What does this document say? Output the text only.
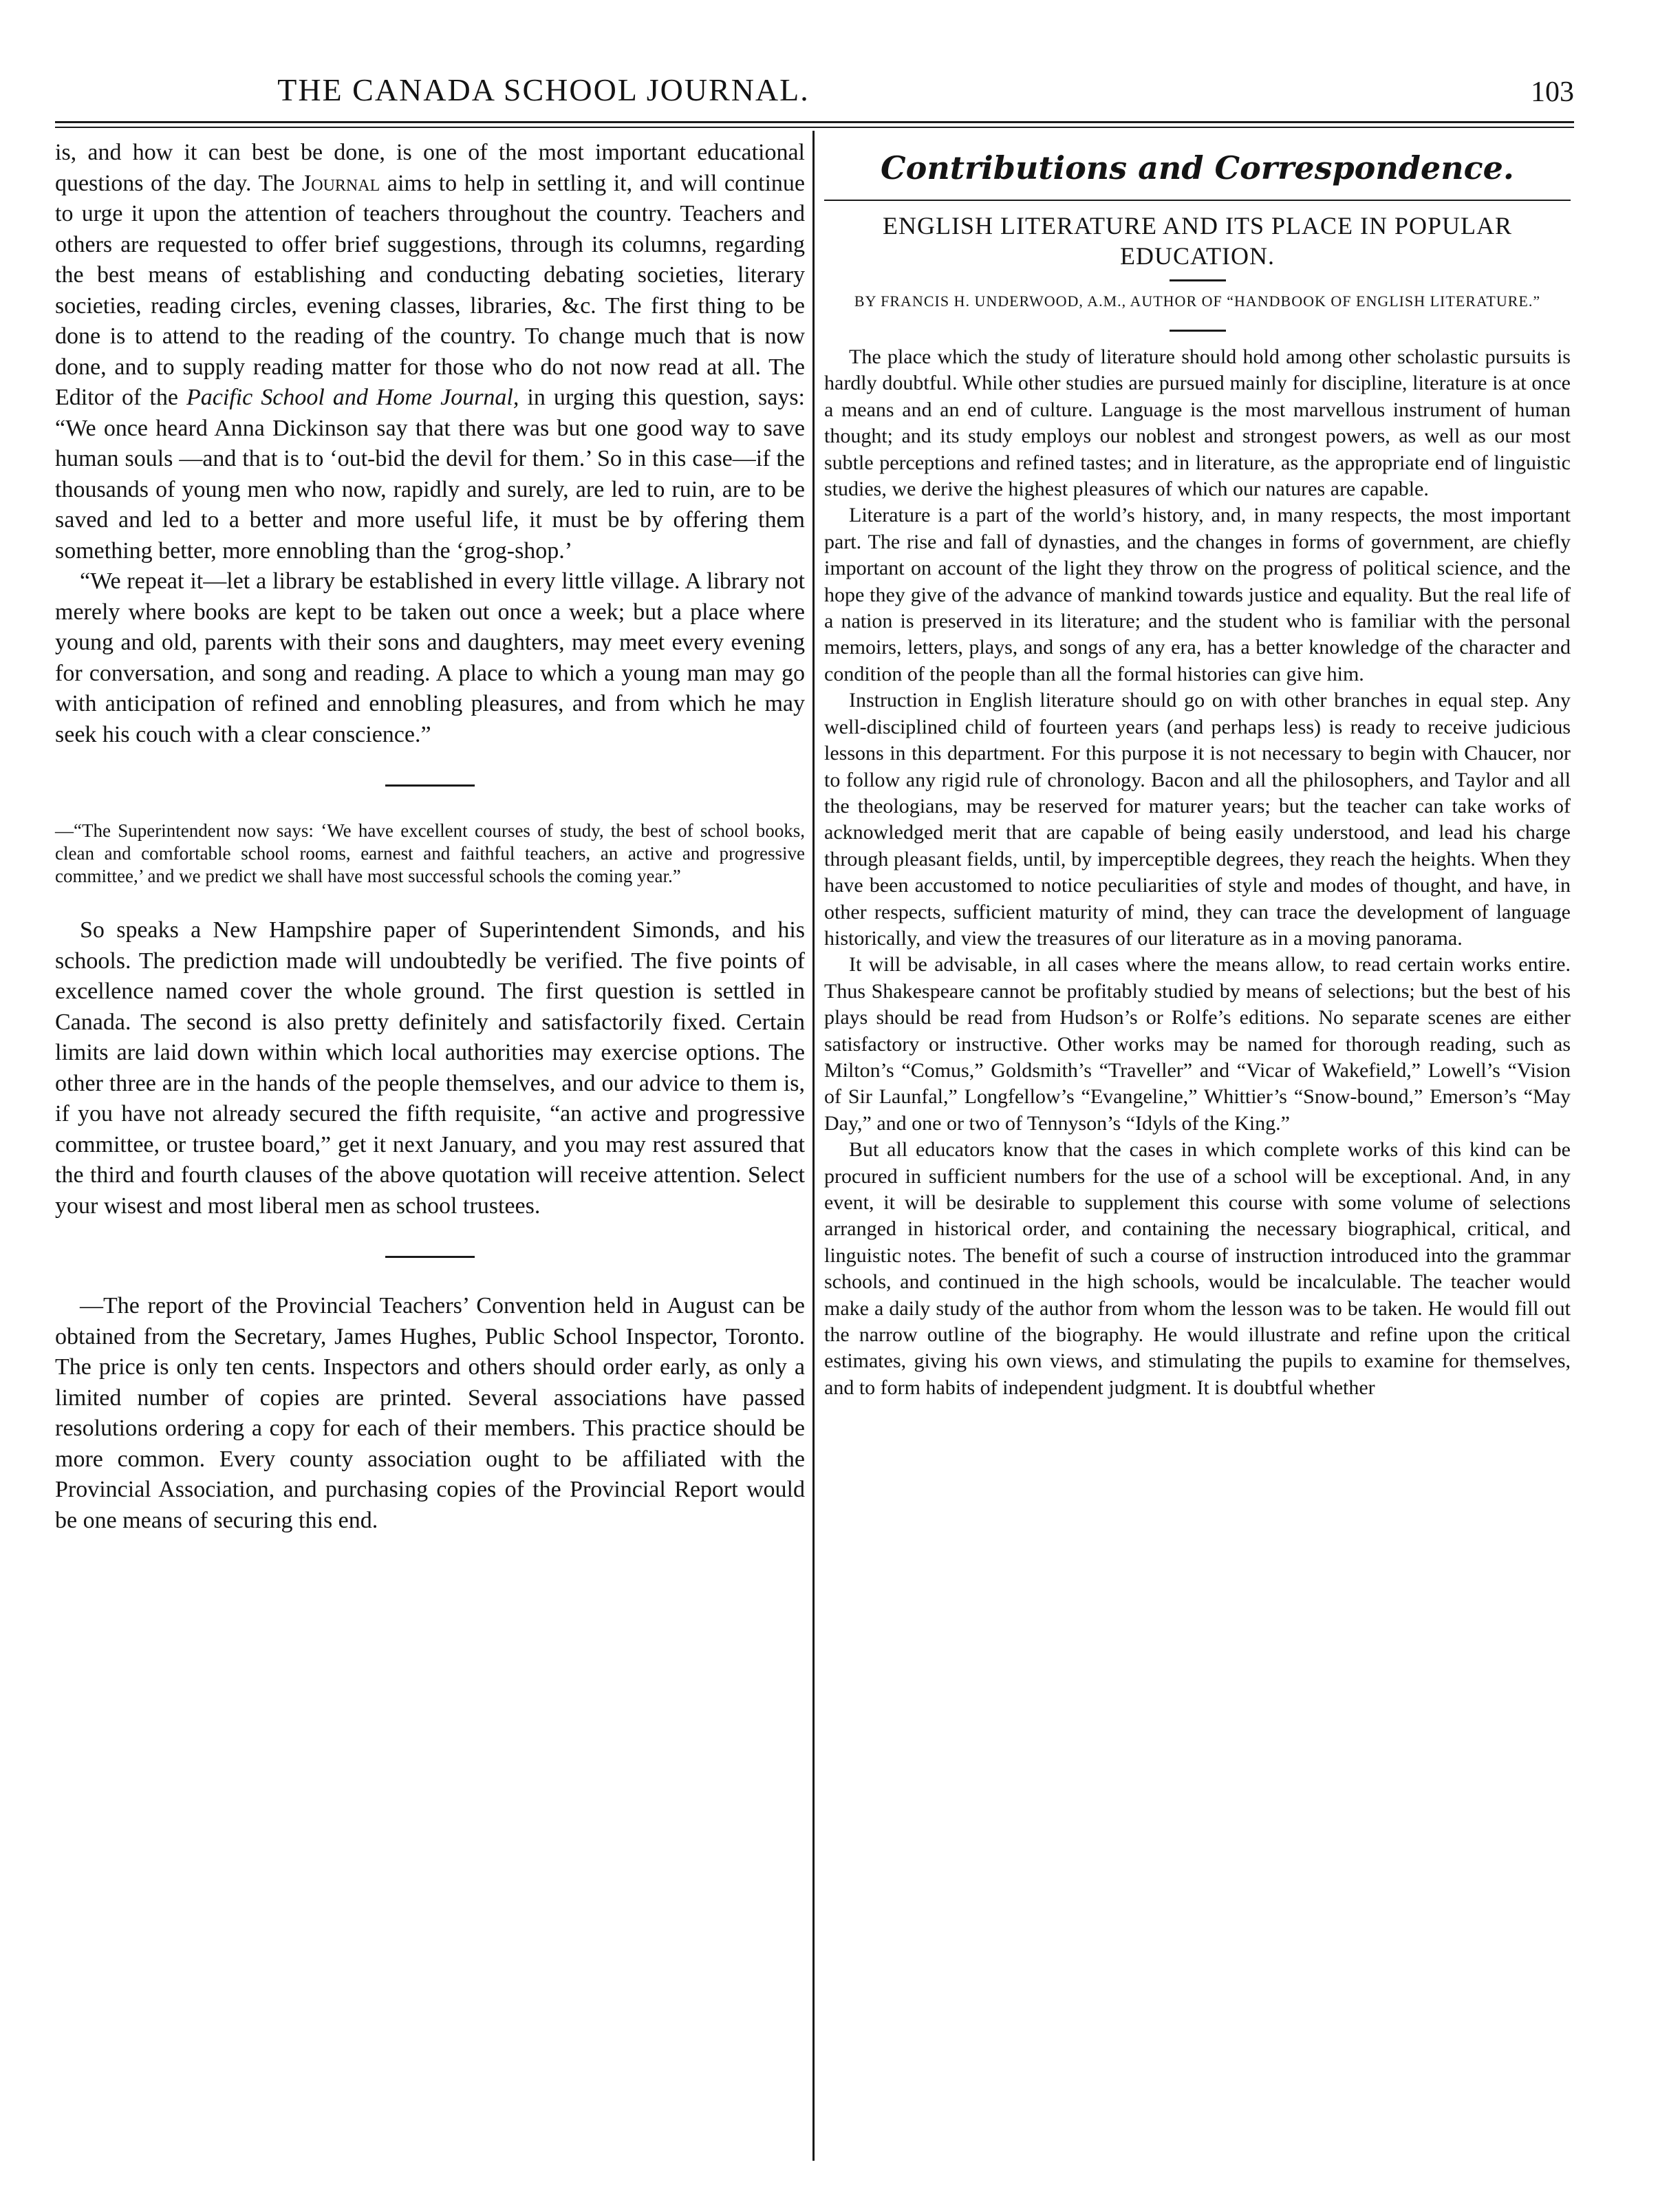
THE CANADA SCHOOL JOURNAL.	103

is, and how it can best be done, is one of the most important educational questions of the day. The Journal aims to help in settling it, and will continue to urge it upon the attention of teachers throughout the country. Teachers and others are requested to offer brief suggestions, through its columns, regarding the best means of establishing and conducting debating societies, literary societies, reading circles, evening classes, libraries, &c. The first thing to be done is to attend to the reading of the country. To change much that is now done, and to supply reading matter for those who do not now read at all. The Editor of the Pacific School and Home Journal, in urging this question, says: “We once heard Anna Dickinson say that there was but one good way to save human souls —and that is to ‘out-bid the devil for them.’ So in this case—if the thousands of young men who now, rapidly and surely, are led to ruin, are to be saved and led to a better and more useful life, it must be by offering them something better, more ennobling than the ‘grog-shop.’

“We repeat it—let a library be established in every little village. A library not merely where books are kept to be taken out once a week; but a place where young and old, parents with their sons and daughters, may meet every evening for conversation, and song and reading. A place to which a young man may go with anticipation of refined and ennobling pleasures, and from which he may seek his couch with a clear conscience.”

—“The Superintendent now says: ‘We have excellent courses of study, the best of school books, clean and comfortable school rooms, earnest and faithful teachers, an active and progressive committee,’ and we predict we shall have most successful schools the coming year.”

So speaks a New Hampshire paper of Superintendent Simonds, and his schools. The prediction made will undoubtedly be verified. The five points of excellence named cover the whole ground. The first question is settled in Canada. The second is also pretty definitely and satisfactorily fixed. Certain limits are laid down within which local authorities may exercise options. The other three are in the hands of the people themselves, and our advice to them is, if you have not already secured the fifth requisite, “an active and progressive committee, or trustee board,” get it next January, and you may rest assured that the third and fourth clauses of the above quotation will receive attention. Select your wisest and most liberal men as school trustees.

—The report of the Provincial Teachers’ Convention held in August can be obtained from the Secretary, James Hughes, Public School Inspector, Toronto. The price is only ten cents. Inspectors and others should order early, as only a limited number of copies are printed. Several associations have passed resolutions ordering a copy for each of their members. This practice should be more common. Every county association ought to be affiliated with the Provincial Association, and purchasing copies of the Provincial Report would be one means of securing this end.

Contributions and Correspondence.
ENGLISH LITERATURE AND ITS PLACE IN POPULAR EDUCATION.
BY FRANCIS H. UNDERWOOD, A.M., AUTHOR OF “HANDBOOK OF ENGLISH LITERATURE.”

The place which the study of literature should hold among other scholastic pursuits is hardly doubtful. While other studies are pursued mainly for discipline, literature is at once a means and an end of culture. Language is the most marvellous instrument of human thought; and its study employs our noblest and strongest powers, as well as our most subtle perceptions and refined tastes; and in literature, as the appropriate end of linguistic studies, we derive the highest pleasures of which our natures are capable.

Literature is a part of the world’s history, and, in many respects, the most important part. The rise and fall of dynasties, and the changes in forms of government, are chiefly important on account of the light they throw on the progress of political science, and the hope they give of the advance of mankind towards justice and equality. But the real life of a nation is preserved in its literature; and the student who is familiar with the personal memoirs, letters, plays, and songs of any era, has a better knowledge of the character and condition of the people than all the formal histories can give him.

Instruction in English literature should go on with other branches in equal step. Any well-disciplined child of fourteen years (and perhaps less) is ready to receive judicious lessons in this department. For this purpose it is not necessary to begin with Chaucer, nor to follow any rigid rule of chronology. Bacon and all the philosophers, and Taylor and all the theologians, may be reserved for maturer years; but the teacher can take works of acknowledged merit that are capable of being easily understood, and lead his charge through pleasant fields, until, by imperceptible degrees, they reach the heights. When they have been accustomed to notice peculiarities of style and modes of thought, and have, in other respects, sufficient maturity of mind, they can trace the development of language historically, and view the treasures of our literature as in a moving panorama.

It will be advisable, in all cases where the means allow, to read certain works entire. Thus Shakespeare cannot be profitably studied by means of selections; but the best of his plays should be read from Hudson’s or Rolfe’s editions. No separate scenes are either satisfactory or instructive. Other works may be named for thorough reading, such as Milton’s “Comus,” Goldsmith’s “Traveller” and “Vicar of Wakefield,” Lowell’s “Vision of Sir Launfal,” Longfellow’s “Evangeline,” Whittier’s “Snow-bound,” Emerson’s “May Day,” and one or two of Tennyson’s “Idyls of the King.”

But all educators know that the cases in which complete works of this kind can be procured in sufficient numbers for the use of a school will be exceptional. And, in any event, it will be desirable to supplement this course with some volume of selections arranged in historical order, and containing the necessary biographical, critical, and linguistic notes. The benefit of such a course of instruction introduced into the grammar schools, and continued in the high schools, would be incalculable. The teacher would make a daily study of the author from whom the lesson was to be taken. He would fill out the narrow outline of the biography. He would illustrate and refine upon the critical estimates, giving his own views, and stimulating the pupils to examine for themselves, and to form habits of independent judgment. It is doubtful whether
